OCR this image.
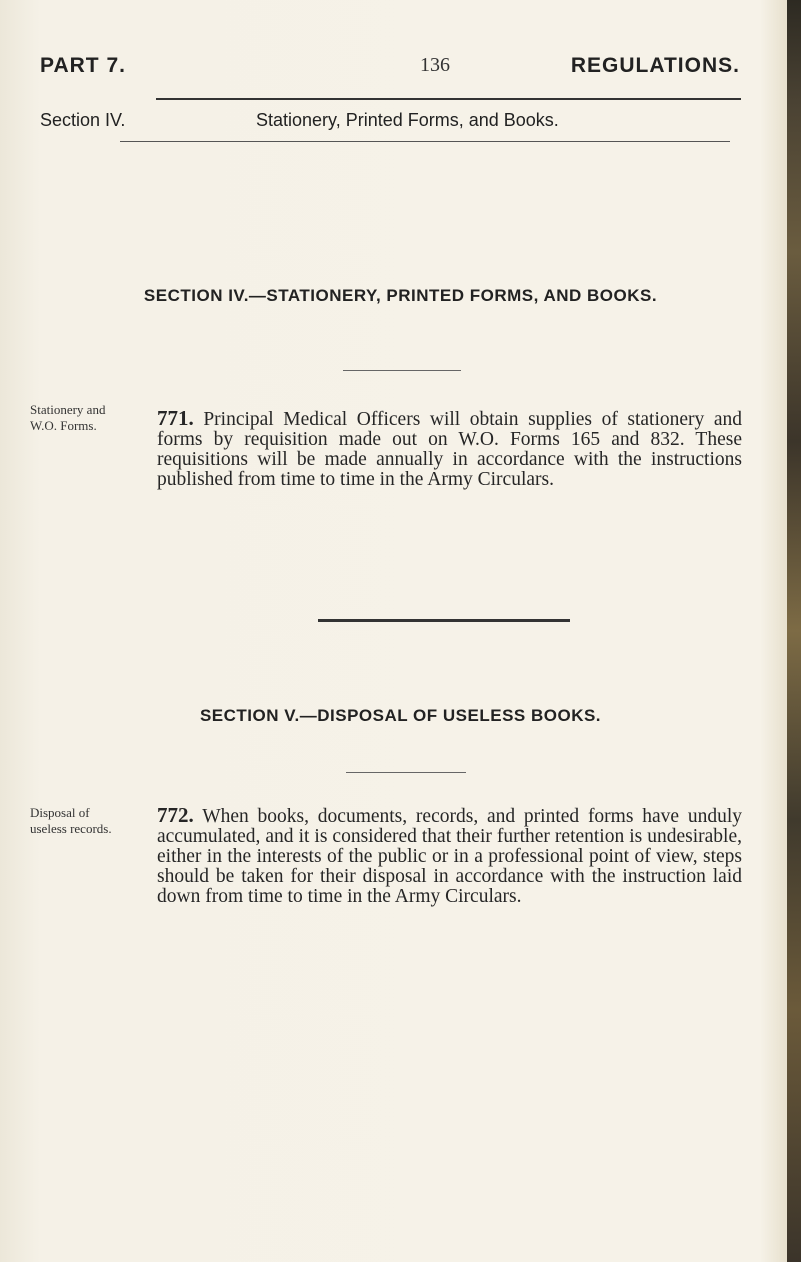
PART 7.	136	REGULATIONS.
Section IV.	Stationery, Printed Forms, and Books.
SECTION IV.—STATIONERY, PRINTED FORMS, AND BOOKS.
Stationery and W.O. Forms.	771. Principal Medical Officers will obtain supplies of stationery and forms by requisition made out on W.O. Forms 165 and 832. These requisitions will be made annually in accordance with the instructions published from time to time in the Army Circulars.
SECTION V.—DISPOSAL OF USELESS BOOKS.
Disposal of useless records.
772. When books, documents, records, and printed forms have unduly accumulated, and it is considered that their further retention is undesirable, either in the interests of the public or in a professional point of view, steps should be taken for their disposal in accordance with the instruction laid down from time to time in the Army Circulars.
